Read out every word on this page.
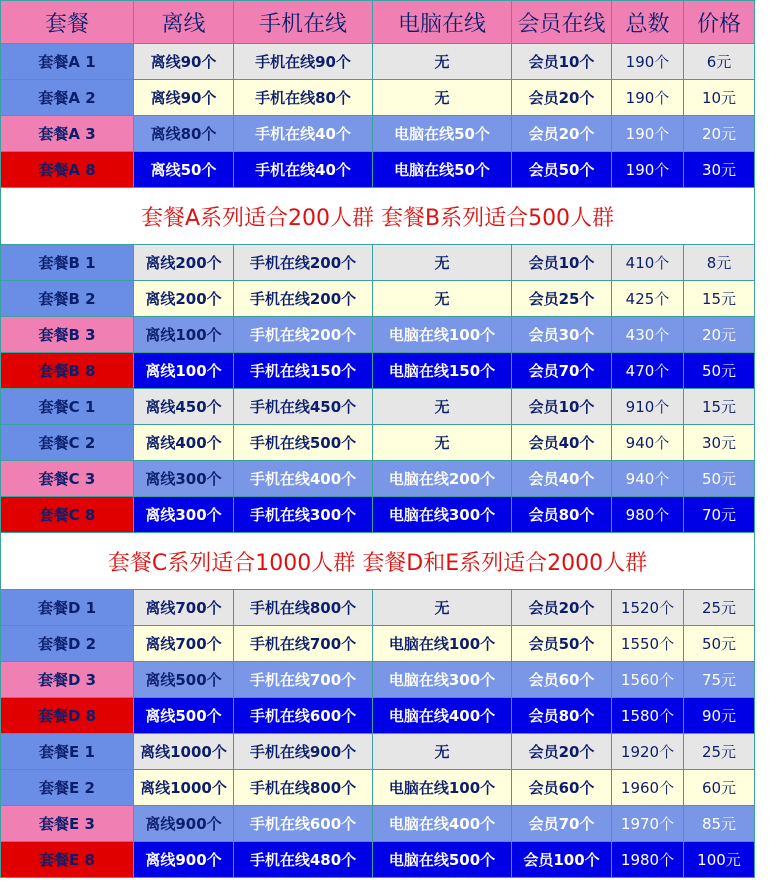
套餐	离线	手机在线	电脑在线	会员在线	总数	价格
套餐A 1	离线90个	手机在线90个	无	会员10个	190个	6元
套餐A 2	离线90个	手机在线80个	无	会员20个	190个	10元
套餐A 3	离线80个	手机在线40个	电脑在线50个	会员20个	190个	20元
套餐A 8	离线50个	手机在线40个	电脑在线50个	会员50个	190个	30元
套餐A系列适合200人群 套餐B系列适合500人群						
套餐B 1	离线200个	手机在线200个	无	会员10个	410个	8元
套餐B 2	离线200个	手机在线200个	无	会员25个	425个	15元
套餐B 3	离线100个	手机在线200个	电脑在线100个	会员30个	430个	20元
套餐B 8	离线100个	手机在线150个	电脑在线150个	会员70个	470个	50元
套餐C 1	离线450个	手机在线450个	无	会员10个	910个	15元
套餐C 2	离线400个	手机在线500个	无	会员40个	940个	30元
套餐C 3	离线300个	手机在线400个	电脑在线200个	会员40个	940个	50元
套餐C 8	离线300个	手机在线300个	电脑在线300个	会员80个	980个	70元
套餐C系列适合1000人群 套餐D和E系列适合2000人群						
套餐D 1	离线700个	手机在线800个	无	会员20个	1520个	25元
套餐D 2	离线700个	手机在线700个	电脑在线100个	会员50个	1550个	50元
套餐D 3	离线500个	手机在线700个	电脑在线300个	会员60个	1560个	75元
套餐D 8	离线500个	手机在线600个	电脑在线400个	会员80个	1580个	90元
套餐E 1	离线1000个	手机在线900个	无	会员20个	1920个	25元
套餐E 2	离线1000个	手机在线800个	电脑在线100个	会员60个	1960个	60元
套餐E 3	离线900个	手机在线600个	电脑在线400个	会员70个	1970个	85元
套餐E 8	离线900个	手机在线480个	电脑在线500个	会员100个	1980个	100元
